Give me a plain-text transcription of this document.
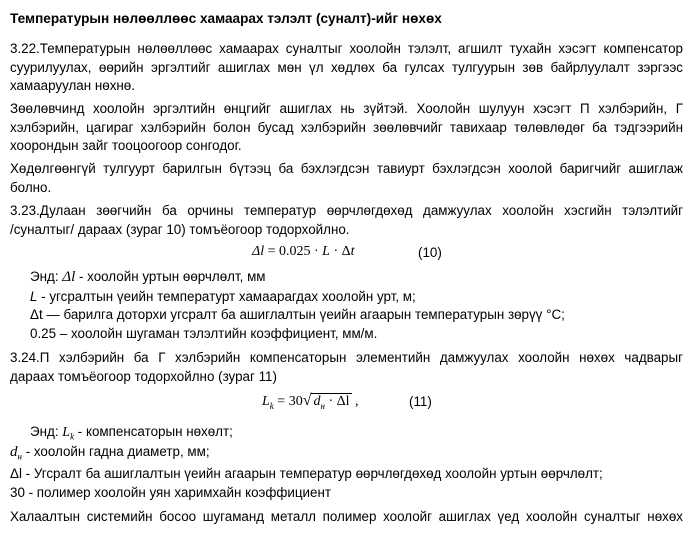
Температурын нөлөөллөөс хамаарах тэлэлт (суналт)-ийг нөхөх
3.22.Температурын нөлөөллөөс хамаарах суналтыг хоолойн тэлэлт, агшилт тухайн хэсэгт компенсатор
суурилуулах, өөрийн эргэлтийг ашиглах мөн үл хөдлөх ба гулсах тулгуурын зөв байрлуулалт зэргээс
хамааруулан нөхнө.
Зөөлөвчинд хоолойн эргэлтийн өнцгийг ашиглах нь зүйтэй. Хоолойн шулуун хэсэгт П хэлбэрийн, Г
хэлбэрийн, цагираг хэлбэрийн болон бусад хэлбэрийн зөөлөвчийг тавихаар төлөвлөдөг ба тэдгээрийн
хоорондын зайг тооцоогоор сонгодог.
Хөдөлгөөнгүй тулгуурт барилгын бүтээц ба бэхлэгдсэн тавиурт бэхлэгдсэн хоолой баригчийг ашиглаж
болно.
3.23.Дулаан зөөгчийн ба орчины температур өөрчлөгдөхөд дамжуулах хоолойн хэсгийн тэлэлтийг
/суналтыг/ дараах (зураг 10) томъёогоор тодорхойлно.
Δl = 0.025 · L · Δt	(10)
Энд: Δl - хоолойн уртын өөрчлөлт, мм
L - угсралтын үеийн температурт хамаарагдах хоолойн урт, м;
Δt — барилга доторхи угсралт ба ашиглалтын үеийн агаарын температурын зөрүү °С;
0.25 – хоолойн шугаман тэлэлтийн коэффициент, мм/м.
3.24.П хэлбэрийн ба Г хэлбэрийн компенсаторын элементийн дамжуулах хоолойн нөхөх чадварыг
дараах томъёогоор тодорхойлно (зураг 11)
$L_k = 30√$ $d_н \cdot \Delta l$ ,	(11)
Энд: $L_k$ - компенсаторын нөхөлт;
$d_н$ - хоолойн гадна диаметр, мм;
Δl - Угсралт ба ашиглалтын үеийн агаарын температур өөрчлөгдөхөд хоолойн уртын өөрчлөлт;
30 - полимер хоолойн уян харимхайн коэффициент
Халаалтын системийн босоо шугаманд металл полимер хоолойг ашиглах үед хоолойн суналтыг нөхөх
